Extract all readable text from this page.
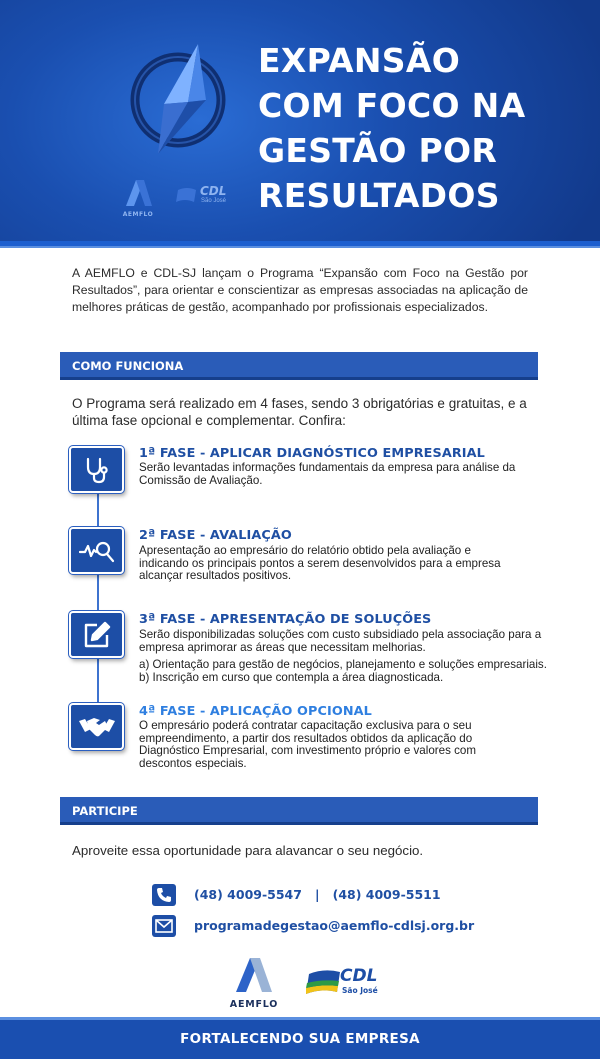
EXPANSÃO
COM FOCO NA
GESTÃO POR
RESULTADOS
AEMFLO
CDL
São José
A AEMFLO e CDL-SJ lançam o Programa “Expansão com Foco na Gestão por Resultados”, para orientar e conscientizar as empresas associadas na aplicação de melhores práticas de gestão, acompanhado por profissionais especializados.
COMO FUNCIONA
O Programa será realizado em 4 fases, sendo 3 obrigatórias e gratuitas, e a última fase opcional e complementar. Confira:
1ª FASE - APLICAR DIAGNÓSTICO EMPRESARIAL
Serão levantadas informações fundamentais da empresa para análise da
Comissão de Avaliação.
2ª FASE - AVALIAÇÃO
Apresentação ao empresário do relatório obtido pela avaliação e
indicando os principais pontos a serem desenvolvidos para a empresa
alcançar resultados positivos.
3ª FASE - APRESENTAÇÃO DE SOLUÇÕES
Serão disponibilizadas soluções com custo subsidiado pela associação para a
empresa aprimorar as áreas que necessitam melhorias.
a) Orientação para gestão de negócios, planejamento e soluções empresariais.
b) Inscrição em curso que contempla a área diagnosticada.
4ª FASE - APLICAÇÃO OPCIONAL
O empresário poderá contratar capacitação exclusiva para o seu
empreendimento, a partir dos resultados obtidos da aplicação do
Diagnóstico Empresarial, com investimento próprio e valores com
descontos especiais.
PARTICIPE
Aproveite essa oportunidade para alavancar o seu negócio.
(48) 4009-5547   |   (48) 4009-5511
programadegestao@aemflo-cdlsj.org.br
AEMFLO
CDL
São José
FORTALECENDO SUA EMPRESA
